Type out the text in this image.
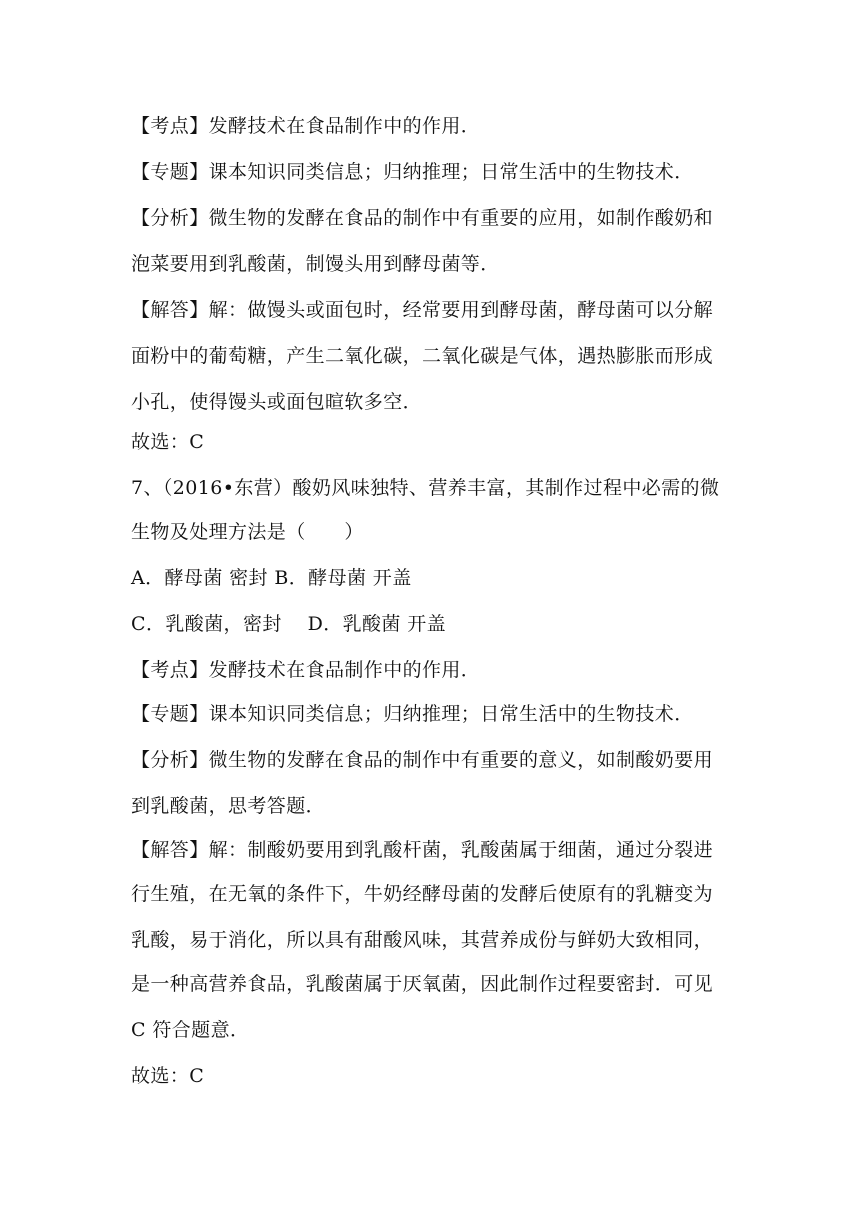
【考点】发酵技术在食品制作中的作用．
【专题】课本知识同类信息；归纳推理；日常生活中的生物技术．
【分析】微生物的发酵在食品的制作中有重要的应用，如制作酸奶和
泡菜要用到乳酸菌，制馒头用到酵母菌等．
【解答】解：做馒头或面包时，经常要用到酵母菌，酵母菌可以分解
面粉中的葡萄糖，产生二氧化碳，二氧化碳是气体，遇热膨胀而形成
小孔，使得馒头或面包暄软多空．
故选：C
7、（2016•东营）酸奶风味独特、营养丰富，其制作过程中必需的微
生物及处理方法是（　　）
A．酵母菌 密封 B．酵母菌 开盖
C．乳酸菌，密封　 D．乳酸菌 开盖
【考点】发酵技术在食品制作中的作用．
【专题】课本知识同类信息；归纳推理；日常生活中的生物技术．
【分析】微生物的发酵在食品的制作中有重要的意义，如制酸奶要用
到乳酸菌，思考答题．
【解答】解：制酸奶要用到乳酸杆菌，乳酸菌属于细菌，通过分裂进
行生殖，在无氧的条件下，牛奶经酵母菌的发酵后使原有的乳糖变为
乳酸，易于消化，所以具有甜酸风味，其营养成份与鲜奶大致相同，
是一种高营养食品，乳酸菌属于厌氧菌，因此制作过程要密封．可见
C 符合题意．
故选：C
